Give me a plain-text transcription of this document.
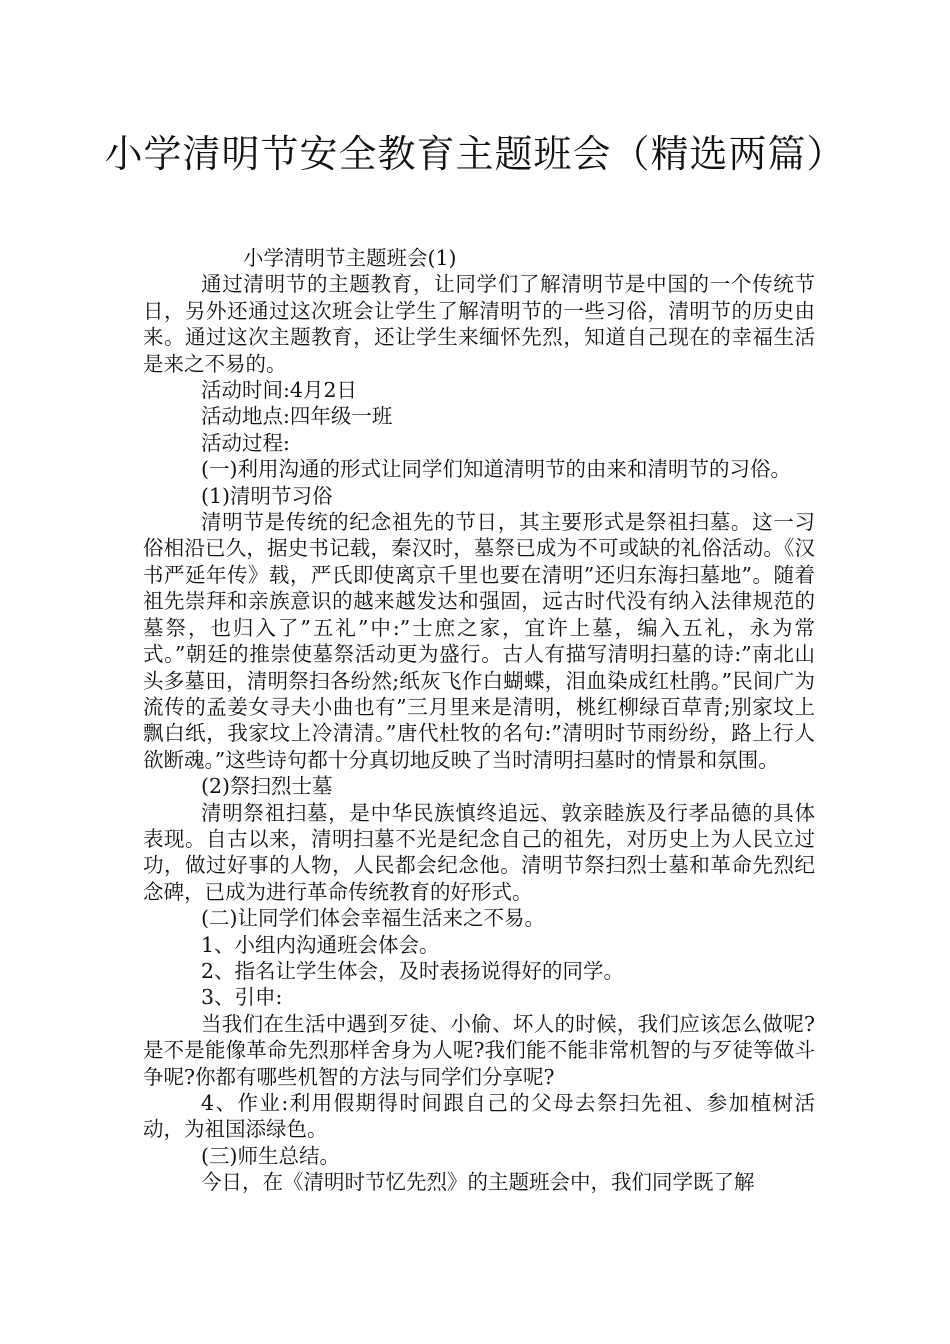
小学清明节安全教育主题班会（精选两篇）

小学清明节主题班会(1)

通过清明节的主题教育，让同学们了解清明节是中国的一个传统节日，另外还通过这次班会让学生了解清明节的一些习俗，清明节的历史由来。通过这次主题教育，还让学生来缅怀先烈，知道自己现在的幸福生活是来之不易的。

活动时间:4月2日

活动地点:四年级一班

活动过程:

(一)利用沟通的形式让同学们知道清明节的由来和清明节的习俗。

(1)清明节习俗

清明节是传统的纪念祖先的节日，其主要形式是祭祖扫墓。这一习俗相沿已久，据史书记载，秦汉时，墓祭已成为不可或缺的礼俗活动。《汉书严延年传》载，严氏即使离京千里也要在清明”还归东海扫墓地”。随着祖先崇拜和亲族意识的越来越发达和强固，远古时代没有纳入法律规范的墓祭，也归入了”五礼”中:”士庶之家，宜许上墓，编入五礼，永为常式。”朝廷的推崇使墓祭活动更为盛行。古人有描写清明扫墓的诗:”南北山头多墓田，清明祭扫各纷然;纸灰飞作白蝴蝶，泪血染成红杜鹃。”民间广为流传的孟姜女寻夫小曲也有”三月里来是清明，桃红柳绿百草青;别家坟上飘白纸，我家坟上冷清清。”唐代杜牧的名句:”清明时节雨纷纷，路上行人欲断魂。”这些诗句都十分真切地反映了当时清明扫墓时的情景和氛围。

(2)祭扫烈士墓

清明祭祖扫墓，是中华民族慎终追远、敦亲睦族及行孝品德的具体表现。自古以来，清明扫墓不光是纪念自己的祖先，对历史上为人民立过功，做过好事的人物，人民都会纪念他。清明节祭扫烈士墓和革命先烈纪念碑，已成为进行革命传统教育的好形式。

(二)让同学们体会幸福生活来之不易。

1、小组内沟通班会体会。

2、指名让学生体会，及时表扬说得好的同学。

3、引申:

当我们在生活中遇到歹徒、小偷、坏人的时候，我们应该怎么做呢?是不是能像革命先烈那样舍身为人呢?我们能不能非常机智的与歹徒等做斗争呢?你都有哪些机智的方法与同学们分享呢?

4、作业:利用假期得时间跟自己的父母去祭扫先祖、参加植树活动，为祖国添绿色。

(三)师生总结。

今日，在《清明时节忆先烈》的主题班会中，我们同学既了解
